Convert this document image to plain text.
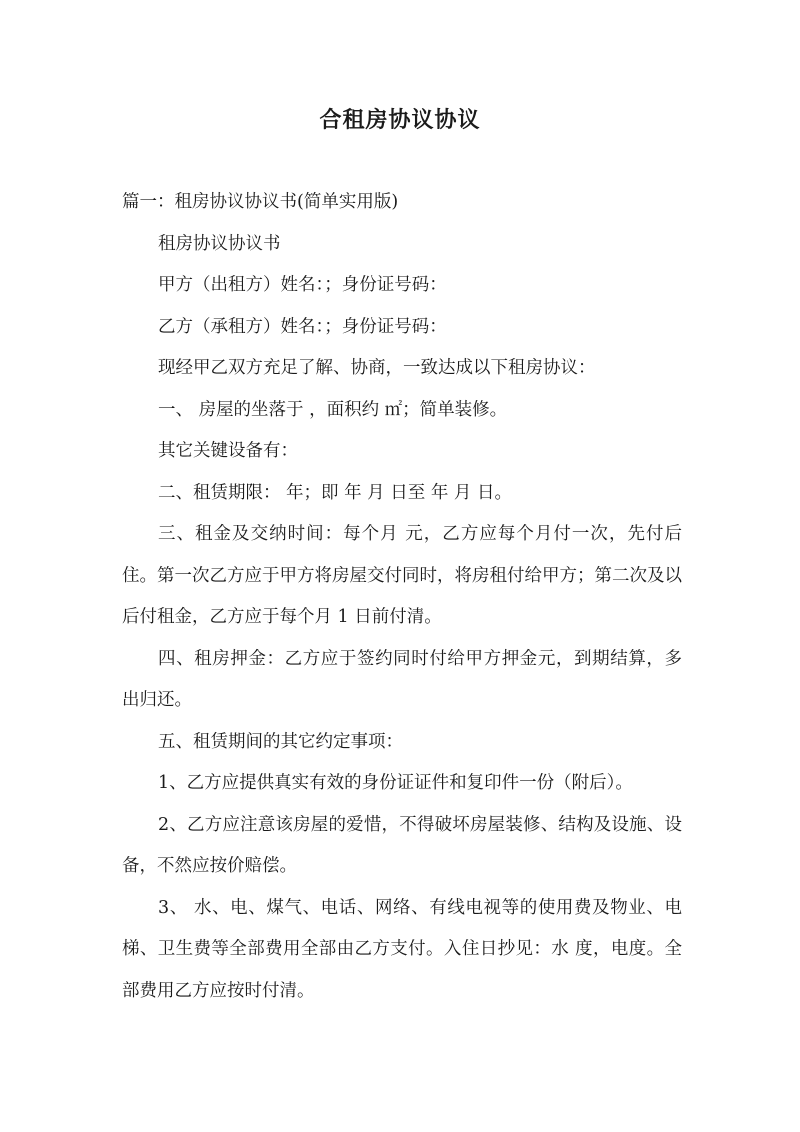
合租房协议协议

篇一：租房协议协议书(简单实用版)

租房协议协议书

甲方（出租方）姓名：；身份证号码：

乙方（承租方）姓名：；身份证号码：

现经甲乙双方充足了解、协商，一致达成以下租房协议：

一、 房屋的坐落于 ，面积约 ㎡；简单装修。

其它关键设备有：

二、租赁期限： 年；即 年 月 日至 年 月 日。

三、租金及交纳时间：每个月 元，乙方应每个月付一次，先付后住。第一次乙方应于甲方将房屋交付同时，将房租付给甲方；第二次及以后付租金，乙方应于每个月 1 日前付清。

四、租房押金：乙方应于签约同时付给甲方押金元，到期结算，多出归还。

五、租赁期间的其它约定事项：

1、乙方应提供真实有效的身份证证件和复印件一份（附后）。

2、乙方应注意该房屋的爱惜，不得破坏房屋装修、结构及设施、设备，不然应按价赔偿。

3、 水、电、煤气、电话、网络、有线电视等的使用费及物业、电梯、卫生费等全部费用全部由乙方支付。入住日抄见：水 度，电度。全部费用乙方应按时付清。
